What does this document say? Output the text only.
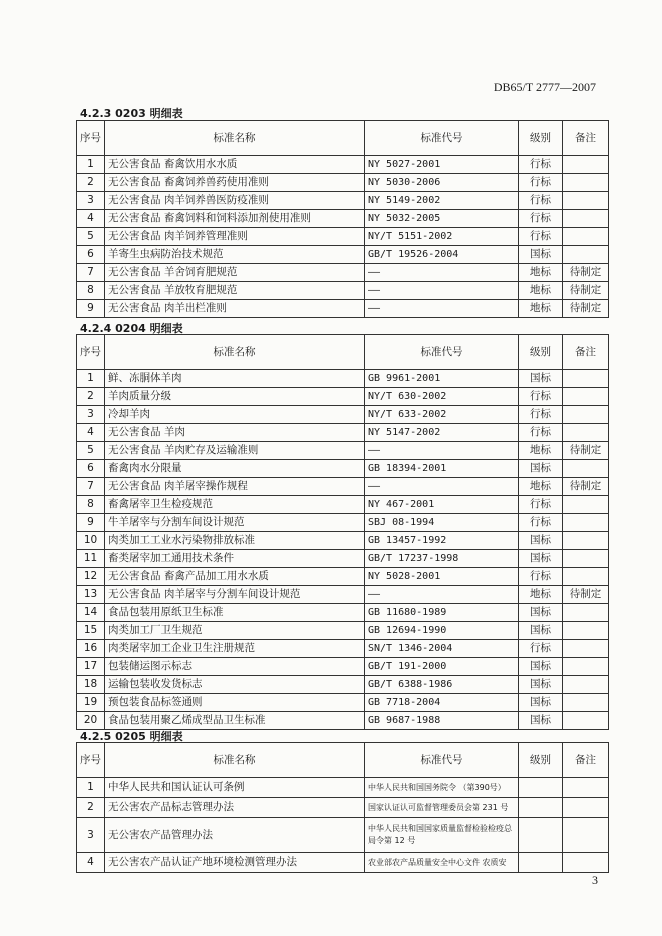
DB65/T 2777—2007
4.2.3 0203 明细表
序号	标准名称	标准代号	级别	备注
1	无公害食品 畜禽饮用水水质	NY 5027-2001	行标	
2	无公害食品 畜禽饲养兽药使用准则	NY 5030-2006	行标	
3	无公害食品 肉羊饲养兽医防疫准则	NY 5149-2002	行标	
4	无公害食品 畜禽饲料和饲料添加剂使用准则	NY 5032-2005	行标	
5	无公害食品 肉羊饲养管理准则	NY/T 5151-2002	行标	
6	羊寄生虫病防治技术规范	GB/T 19526-2004	国标	
7	无公害食品 羊舍饲育肥规范	——	地标	待制定
8	无公害食品 羊放牧育肥规范	——	地标	待制定
9	无公害食品 肉羊出栏准则	——	地标	待制定
4.2.4 0204 明细表
序号	标准名称	标准代号	级别	备注
1	鲜、冻胴体羊肉	GB 9961-2001	国标	
2	羊肉质量分级	NY/T 630-2002	行标	
3	冷却羊肉	NY/T 633-2002	行标	
4	无公害食品 羊肉	NY 5147-2002	行标	
5	无公害食品 羊肉贮存及运输准则	——	地标	待制定
6	畜禽肉水分限量	GB 18394-2001	国标	
7	无公害食品 肉羊屠宰操作规程	——	地标	待制定
8	畜禽屠宰卫生检疫规范	NY 467-2001	行标	
9	牛羊屠宰与分割车间设计规范	SBJ 08-1994	行标	
10	肉类加工工业水污染物排放标准	GB 13457-1992	国标	
11	畜类屠宰加工通用技术条件	GB/T 17237-1998	国标	
12	无公害食品 畜禽产品加工用水水质	NY 5028-2001	行标	
13	无公害食品 肉羊屠宰与分割车间设计规范	——	地标	待制定
14	食品包装用原纸卫生标准	GB 11680-1989	国标	
15	肉类加工厂卫生规范	GB 12694-1990	国标	
16	肉类屠宰加工企业卫生注册规范	SN/T 1346-2004	行标	
17	包装储运图示标志	GB/T 191-2000	国标	
18	运输包装收发货标志	GB/T 6388-1986	国标	
19	预包装食品标签通则	GB 7718-2004	国标	
20	食品包装用聚乙烯成型品卫生标准	GB 9687-1988	国标	
4.2.5 0205 明细表
序号	标准名称	标准代号	级别	备注
1	中华人民共和国认证认可条例	中华人民共和国国务院令 （第390号）		
2	无公害农产品标志管理办法	国家认证认可监督管理委员会第 231 号		
3	无公害农产品管理办法	中华人民共和国国家质量监督检验检疫总局令第 12 号		
4	无公害农产品认证产地环境检测管理办法	农业部农产品质量安全中心文件 农质安		
3
